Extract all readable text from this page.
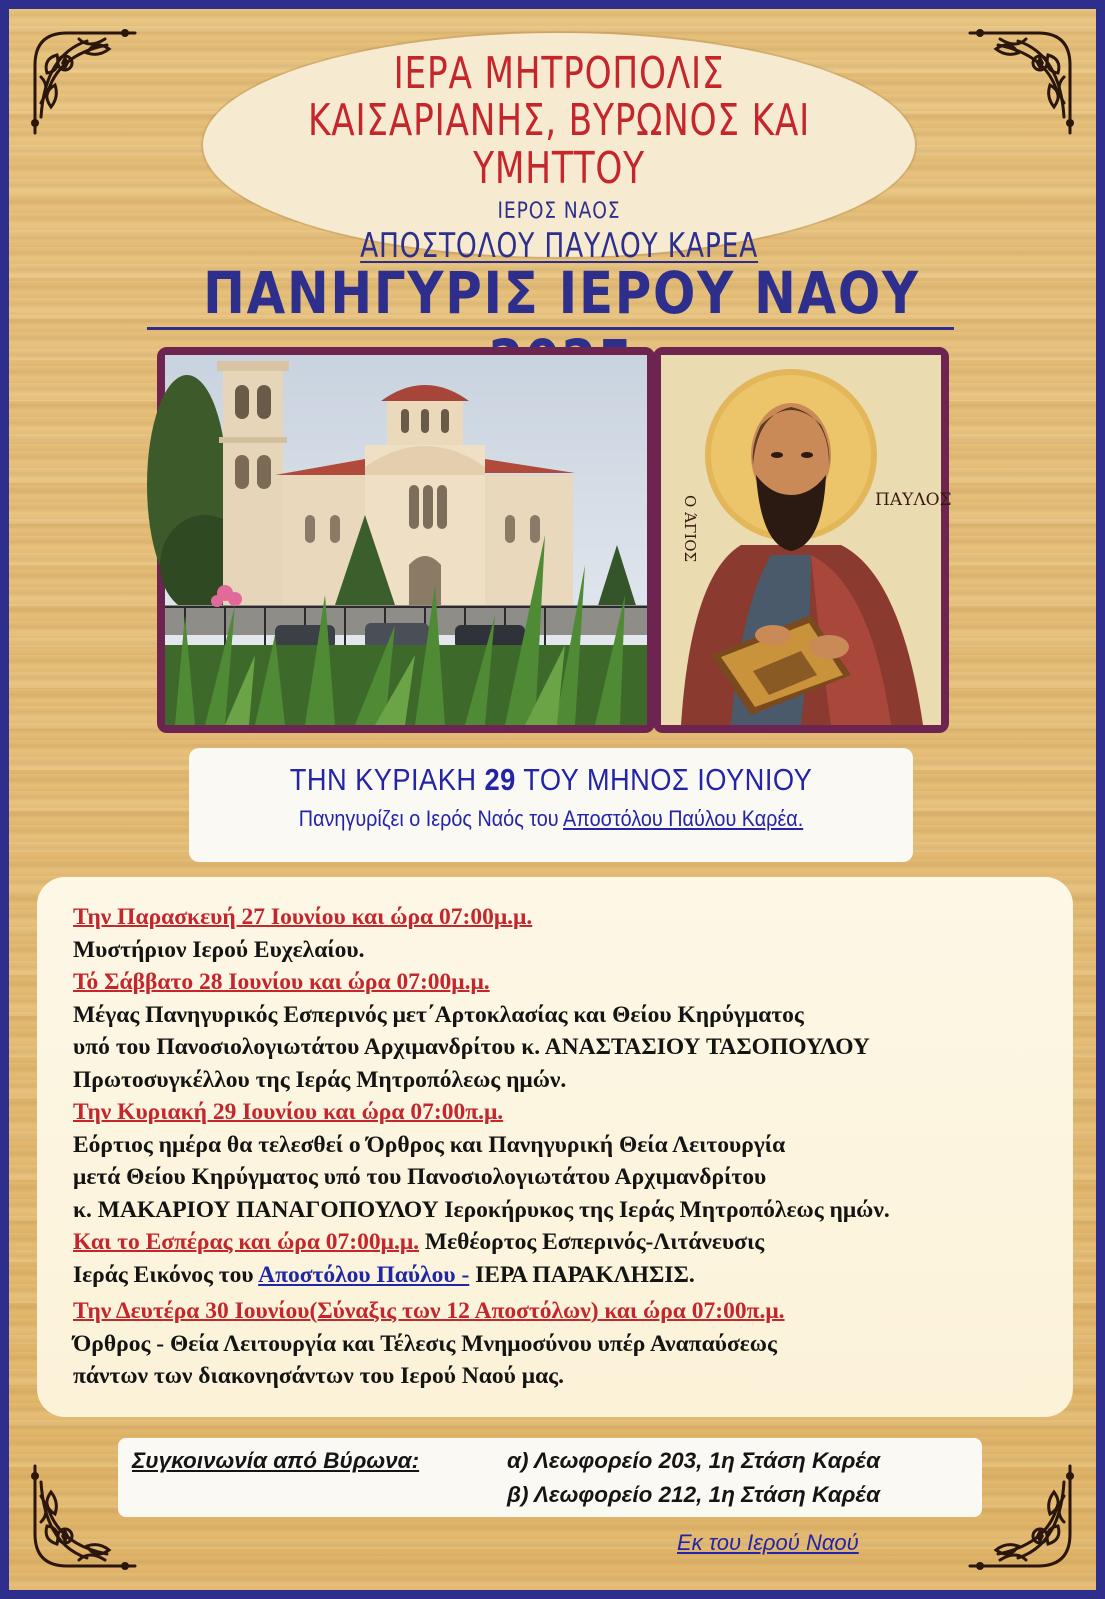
ΙΕΡΑ ΜΗΤΡΟΠΟΛΙΣ
ΚΑΙΣΑΡΙΑΝΗΣ, ΒΥΡΩΝΟΣ ΚΑΙ ΥΜΗΤΤΟΥ
ΙΕΡΟΣ ΝΑΟΣ
ΑΠΟΣΤΟΛΟΥ ΠΑΥΛΟΥ ΚΑΡΕΑ
ΠΑΝΗΓΥΡΙΣ ΙΕΡΟΥ ΝΑΟΥ
Ο ΆΓΙΟΣ	ΠΑΥΛΟΣ
ΤΗΝ ΚΥΡΙΑΚΗ 29 ΤΟΥ ΜΗΝΟΣ ΙΟΥΝΙΟΥ
Πανηγυρίζει ο Ιερός Ναός του Αποστόλου Παύλου Καρέα.
Την Παρασκευή 27 Ιουνίου και ώρα 07:00μ.μ.
Μυστήριον Ιερού Ευχελαίου.
Τό Σάββατο 28 Ιουνίου και ώρα 07:00μ.μ.
Μέγας Πανηγυρικός Εσπερινός μετ΄Αρτοκλασίας και Θείου Κηρύγματος
υπό του Πανοσιολογιωτάτου Αρχιμανδρίτου κ. ΑΝΑΣΤΑΣΙΟΥ ΤΑΣΟΠΟΥΛΟΥ
Πρωτοσυγκέλλου της Ιεράς Μητροπόλεως ημών.
Την Κυριακή 29 Ιουνίου και ώρα 07:00π.μ.
Εόρτιος ημέρα θα τελεσθεί ο Όρθρος και Πανηγυρική Θεία Λειτουργία
μετά Θείου Κηρύγματος υπό του Πανοσιολογιωτάτου Αρχιμανδρίτου
κ. ΜΑΚΑΡΙΟΥ ΠΑΝΑΓΟΠΟΥΛΟΥ Ιεροκήρυκος της Ιεράς Μητροπόλεως ημών.
Και το Εσπέρας και ώρα 07:00μ.μ. Μεθέορτος Εσπερινός-Λιτάνευσις
Ιεράς Εικόνος του Αποστόλου Παύλου - ΙΕΡΑ ΠΑΡΑΚΛΗΣΙΣ.
Την Δευτέρα 30 Ιουνίου(Σύναξις των 12 Αποστόλων) και ώρα 07:00π.μ.
Όρθρος - Θεία Λειτουργία και Τέλεσις Μνημοσύνου υπέρ Αναπαύσεως
πάντων των διακονησάντων του Ιερού Ναού μας.
Συγκοινωνία από Βύρωνα:	α) Λεωφορείο 203, 1η Στάση Καρέα
β) Λεωφορείο 212, 1η Στάση Καρέα
Εκ του Ιερού Ναού
